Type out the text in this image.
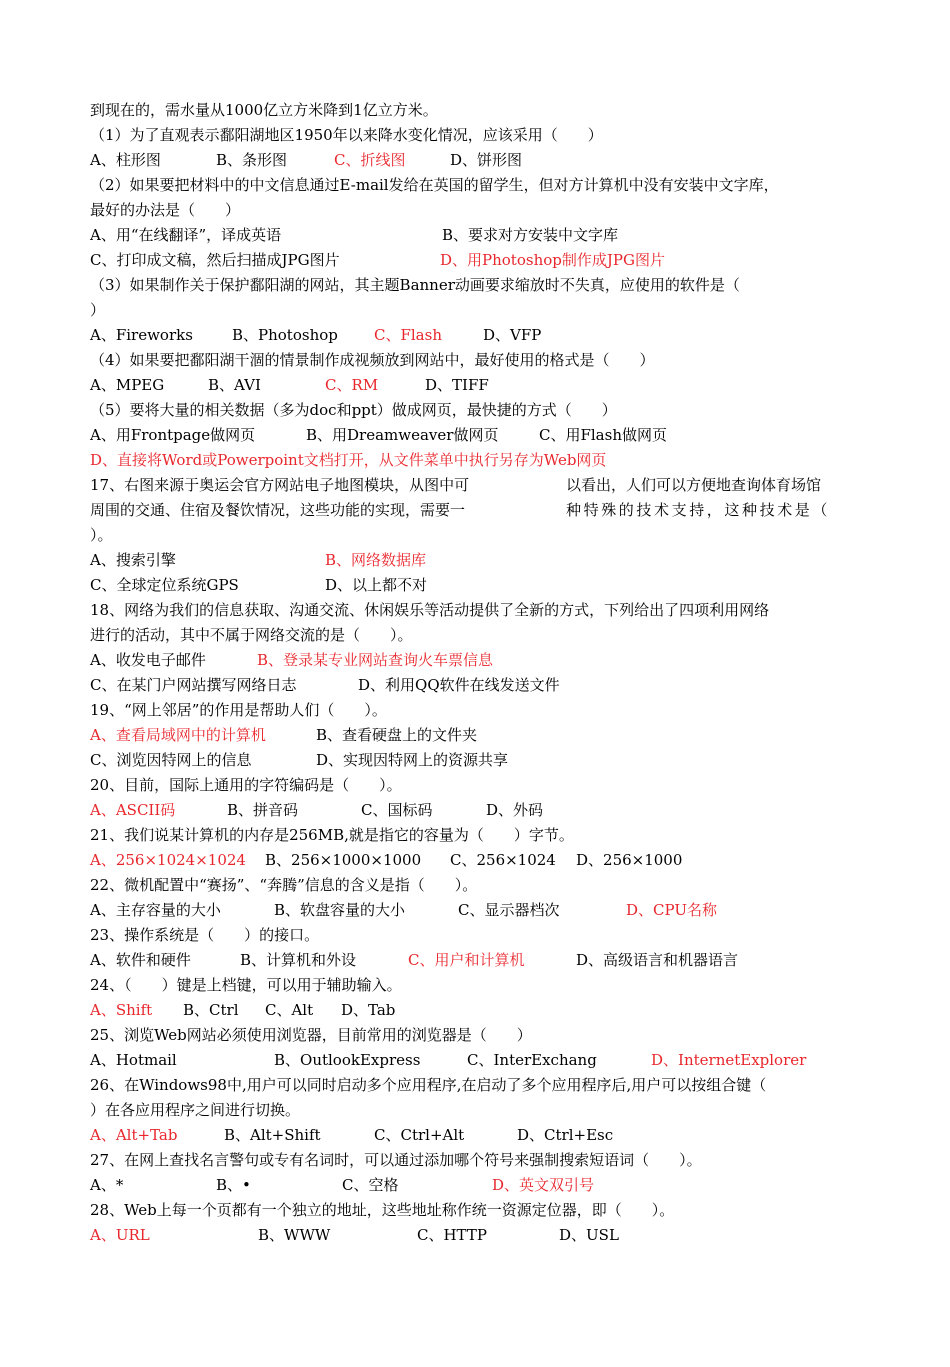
到现在的，需水量从1000亿立方米降到1亿立方米。
（1）为了直观表示鄱阳湖地区1950年以来降水变化情况，应该采用（　　）

A、柱形图

	B、条形图

	C、折线图

	D、饼形图

（2）如果要把材料中的中文信息通过E-mail发给在英国的留学生，但对方计算机中没有安装中文字库，
最好的办法是（　　）

A、用“在线翻译”，译成英语

	B、要求对方安装中文字库

C、打印成文稿，然后扫描成JPG图片

	D、用Photoshop制作成JPG图片

（3）如果制作关于保护鄱阳湖的网站，其主题Banner动画要求缩放时不失真，应使用的软件是（
）

A、Fireworks

	B、Photoshop

C、Flash

	D、VFP

（4）如果要把鄱阳湖干涸的情景制作成视频放到网站中，最好使用的格式是（　　）

A、MPEG

	B、AVI

	C、RM

	D、TIFF

（5）要将大量的相关数据（多为doc和ppt）做成网页，最快捷的方式（　　）

A、用Frontpage做网页

	B、用Dreamweaver做网页

	C、用Flash做网页

D、直接将Word或Powerpoint文档打开，从文件菜单中执行另存为Web网页

17、右图来源于奥运会官方网站电子地图模块，从图中可

	以看出，人们可以方便地查询体育场馆

周围的交通、住宿及餐饮情况，这些功能的实现，需要一

	种特殊的技术支持，这种技术是（

）。

A、搜索引擎

	B、网络数据库

C、全球定位系统GPS

	D、以上都不对

18、网络为我们的信息获取、沟通交流、休闲娱乐等活动提供了全新的方式，下列给出了四项利用网络
进行的活动，其中不属于网络交流的是（　　）。

A、收发电子邮件

	B、登录某专业网站查询火车票信息

C、在某门户网站撰写网络日志

	D、利用QQ软件在线发送文件

19、“网上邻居”的作用是帮助人们（　　）。

A、查看局域网中的计算机

	B、查看硬盘上的文件夹

C、浏览因特网上的信息

	D、实现因特网上的资源共享

20、目前，国际上通用的字符编码是（　　）。

A、ASCII码

	B、拼音码

	C、国标码

	D、外码

21、我们说某计算机的内存是256MB,就是指它的容量为（　　）字节。

A、256×1024×1024

B、256×1000×1000

C、256×1024

D、256×1000

22、微机配置中“赛扬”、“奔腾”信息的含义是指（　　）。

A、主存容量的大小

	B、软盘容量的大小

	C、显示器档次

	D、CPU名称

23、操作系统是（　　）的接口。

A、软件和硬件

	B、计算机和外设

	C、用户和计算机

	D、高级语言和机器语言

24、（　　）键是上档键，可以用于辅助输入。

A、Shift

B、Ctrl

C、Alt

D、Tab

25、浏览Web网站必须使用浏览器，目前常用的浏览器是（　　）

A、Hotmail

	B、OutlookExpress

	C、InterExchang

	D、InternetExplorer

26、在Windows98中,用户可以同时启动多个应用程序,在启动了多个应用程序后,用户可以按组合键（
）在各应用程序之间进行切换。

A、Alt+Tab

	B、Alt+Shift

	C、Ctrl+Alt

	D、Ctrl+Esc

27、在网上查找名言警句或专有名词时，可以通过添加哪个符号来强制搜索短语词（　　）。

A、*

	B、•

	C、空格

	D、英文双引号

28、Web上每一个页都有一个独立的地址，这些地址称作统一资源定位器，即（　　）。

A、URL

	B、WWW

	C、HTTP

	D、USL
